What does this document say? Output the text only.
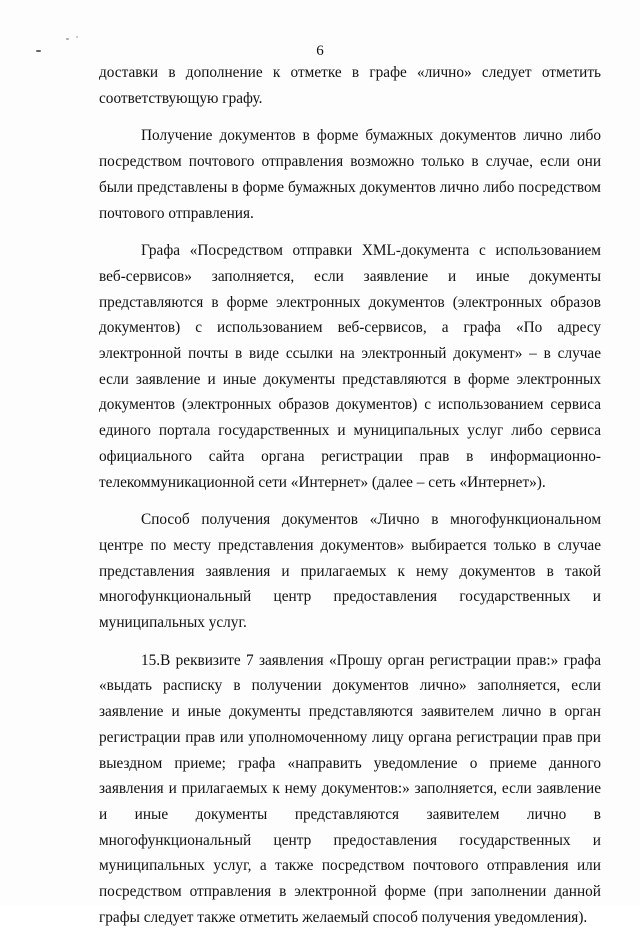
6

доставки в дополнение к отметке в графе «лично» следует отметить соответствующую графу.

Получение документов в форме бумажных документов лично либо посредством почтового отправления возможно только в случае, если они были представлены в форме бумажных документов лично либо посредством почтового отправления.

Графа «Посредством отправки XML-документа с использованием веб-сервисов» заполняется, если заявление и иные документы представляются в форме электронных документов (электронных образов документов) с использованием веб-сервисов, а графа «По адресу электронной почты в виде ссылки на электронный документ» – в случае если заявление и иные документы представляются в форме электронных документов (электронных образов документов) с использованием сервиса единого портала государственных и муниципальных услуг либо сервиса официального сайта органа регистрации прав в информационно-телекоммуникационной сети «Интернет» (далее – сеть «Интернет»).

Способ получения документов «Лично в многофункциональном центре по месту представления документов» выбирается только в случае представления заявления и прилагаемых к нему документов в такой многофункциональный центр предоставления государственных и муниципальных услуг.

15.В реквизите 7 заявления «Прошу орган регистрации прав:» графа «выдать расписку в получении документов лично» заполняется, если заявление и иные документы представляются заявителем лично в орган регистрации прав или уполномоченному лицу органа регистрации прав при выездном приеме; графа «направить уведомление о приеме данного заявления и прилагаемых к нему документов:» заполняется, если заявление и иные документы представляются заявителем лично в многофункциональный центр предоставления государственных и муниципальных услуг, а также посредством почтового отправления или посредством отправления в электронной форме (при заполнении данной графы следует также отметить желаемый способ получения уведомления).
